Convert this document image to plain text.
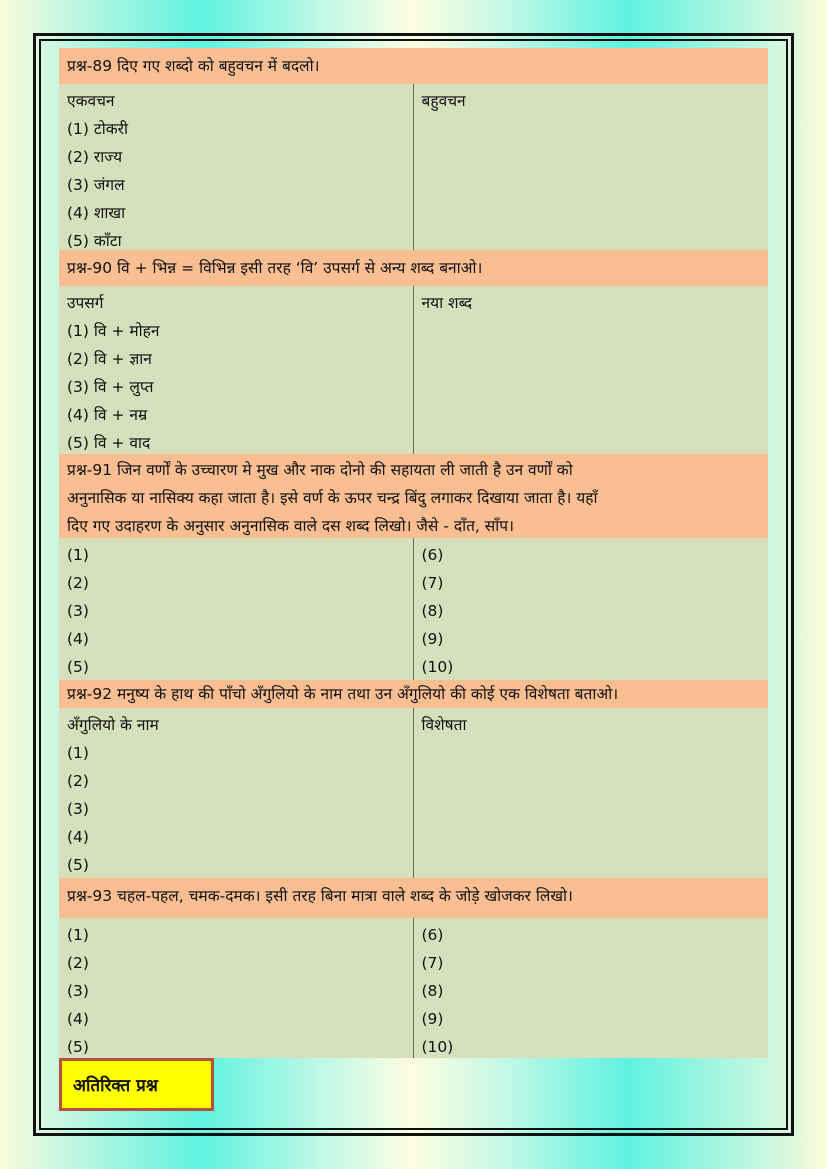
प्रश्न-89 दिए गए शब्दो को बहुवचन में बदलो।
एकवचन
(1) टोकरी
(2) राज्य
(3) जंगल
(4) शाखा
(5) काँटा
बहुवचन
प्रश्न-90 वि + भिन्न = विभिन्न इसी तरह ‘वि’ उपसर्ग से अन्य शब्द बनाओ।
उपसर्ग
(1) वि + मोहन
(2) वि + ज्ञान
(3) वि + लुप्त
(4) वि + नम्र
(5) वि + वाद
नया शब्द
प्रश्न-91 जिन वर्णों के उच्चारण मे मुख और नाक दोनो की सहायता ली जाती है उन वर्णों को
अनुनासिक या नासिक्य कहा जाता है। इसे वर्ण के ऊपर चन्द्र बिंदु लगाकर दिखाया जाता है। यहाँ
दिए गए उदाहरण के अनुसार अनुनासिक वाले दस शब्द लिखो। जैसे - दाँत, साँप।
(1)
(2)
(3)
(4)
(5)
(6)
(7)
(8)
(9)
(10)
प्रश्न-92 मनुष्य के हाथ की पाँचो अँगुलियो के नाम तथा उन अँगुलियो की कोई एक विशेषता बताओ।
अँगुलियो के नाम
(1)
(2)
(3)
(4)
(5)
विशेषता
प्रश्न-93 चहल-पहल, चमक-दमक। इसी तरह बिना मात्रा वाले शब्द के जोड़े खोजकर लिखो।
(1)
(2)
(3)
(4)
(5)
(6)
(7)
(8)
(9)
(10)
अतिरिक्त प्रश्न
